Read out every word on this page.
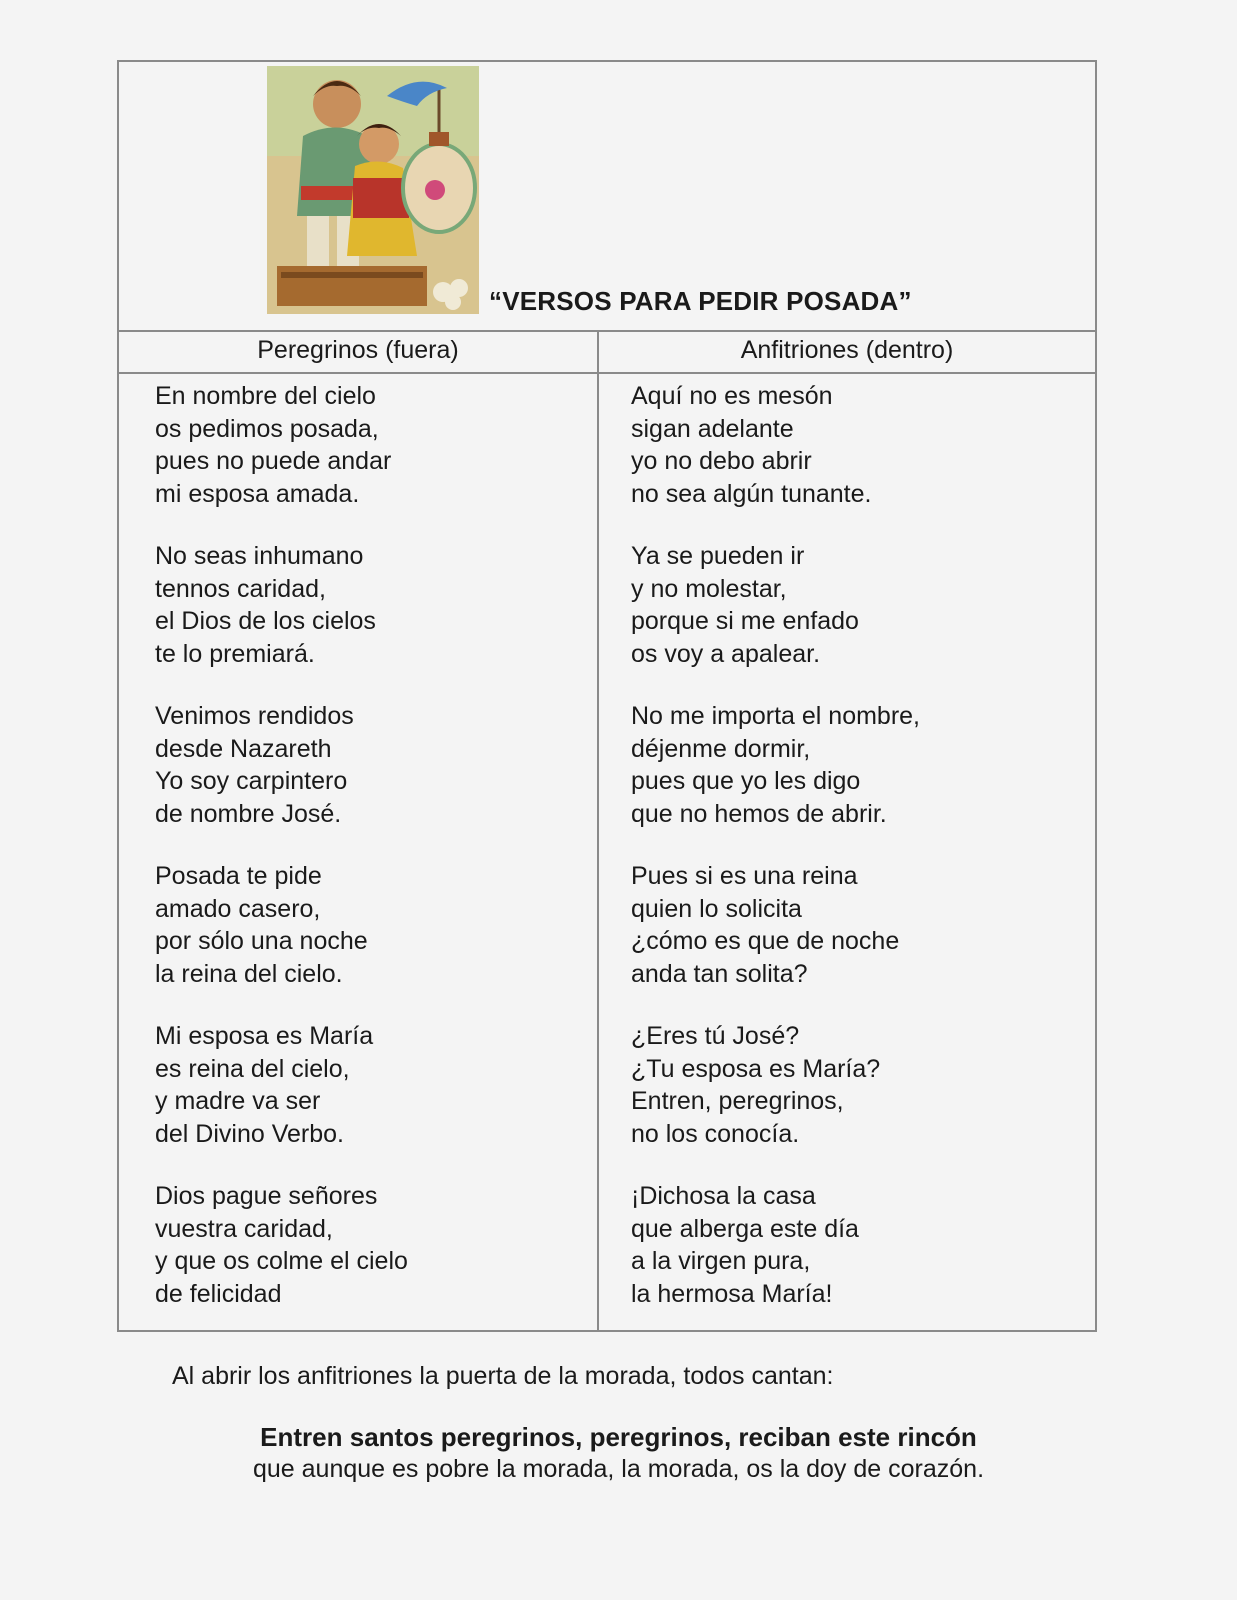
“VERSOS PARA PEDIR POSADA”
Peregrinos (fuera)	Anfitriones (dentro)
En nombre del cielo
os pedimos posada,
pues no puede andar
mi esposa amada.
No seas inhumano
tennos caridad,
el Dios de los cielos
te lo premiará.
Venimos rendidos
desde Nazareth
Yo soy carpintero
de nombre José.
Posada te pide
amado casero,
por sólo una noche
la reina del cielo.
Mi esposa es María
es reina del cielo,
y madre va ser
del Divino Verbo.
Dios pague señores
vuestra caridad,
y que os colme el cielo
de felicidad
Aquí no es mesón
sigan adelante
yo no debo abrir
no sea algún tunante.
Ya se pueden ir
y no molestar,
porque si me enfado
os voy a apalear.
No me importa el nombre,
déjenme dormir,
pues que yo les digo
que no hemos de abrir.
Pues si es una reina
quien lo solicita
¿cómo es que de noche
anda tan solita?
¿Eres tú José?
¿Tu esposa es María?
Entren, peregrinos,
no los conocía.
¡Dichosa la casa
que alberga este día
a la virgen pura,
la hermosa María!
Al abrir los anfitriones la puerta de la morada, todos cantan:
Entren santos peregrinos, peregrinos, reciban este rincón
que aunque es pobre la morada, la morada, os la doy de corazón.
